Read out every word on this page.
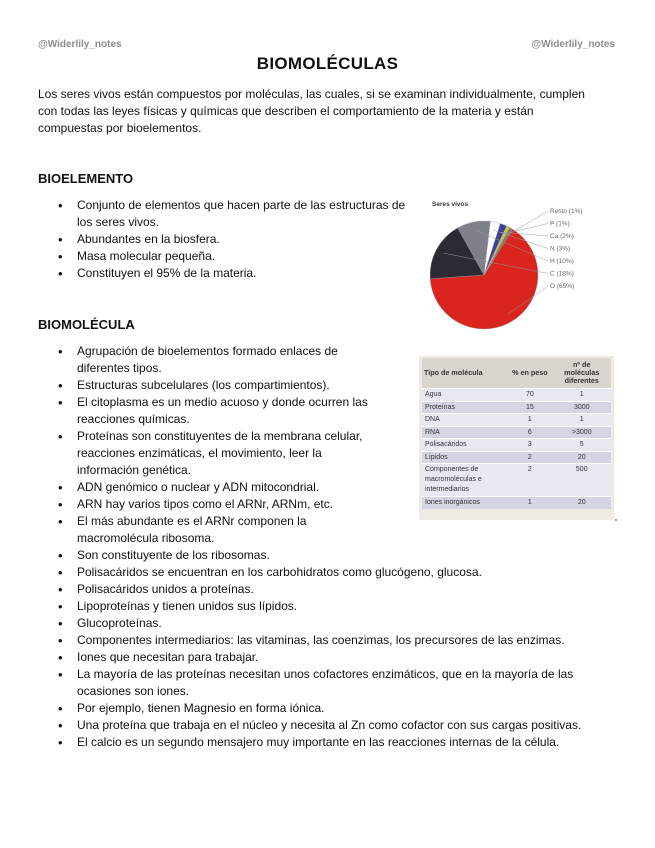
@Widerlily_notes	@Widerlily_notes
BIOMOLÉCULAS

Los seres vivos están compuestos por moléculas, las cuales, si se examinan individualmente, cumplen con todas las leyes físicas y químicas que describen el comportamiento de la materia y están compuestas por bioelementos.

BIOELEMENTO
• Conjunto de elementos que hacen parte de las estructuras de los seres vivos.
• Abundantes en la biosfera.
• Masa molecular pequeña.
• Constituyen el 95% de la materia.
Seres vivos
Resto (1%)
P (1%)
Ca (2%)
N (3%)
H (10%)
C (18%)
O (65%)
BIOMOLÉCULA
Tipo de molécula	% en peso	nº de moléculas diferentes
Agua	70	1
Proteínas	15	3000
DNA	1	1
RNA	6	>3000
Polisacáridos	3	5
Lípidos	2	20
Componentes de macromoléculas e intermediarios	2	500
Iones inorgánicos	1	20
• Agrupación de bioelementos formado enlaces de diferentes tipos.
• Estructuras subcelulares (los compartimientos).
• El citoplasma es un medio acuoso y donde ocurren las reacciones químicas.
• Proteínas son constituyentes de la membrana celular, reacciones enzimáticas, el movimiento, leer la información genética.
• ADN genómico o nuclear y ADN mitocondrial.
• ARN hay varios tipos como el ARNr, ARNm, etc.
• El más abundante es el ARNr componen la macromolécula ribosoma.
• Son constituyente de los ribosomas.
• Polisacáridos se encuentran en los carbohidratos como glucógeno, glucosa.
• Polisacáridos unidos a proteínas.
• Lipoproteínas y tienen unidos sus lípidos.
• Glucoproteínas.
• Componentes intermediarios: las vitaminas, las coenzimas, los precursores de las enzimas.
• Iones que necesitan para trabajar.
• La mayoría de las proteínas necesitan unos cofactores enzimáticos, que en la mayoría de las ocasiones son iones.
• Por ejemplo, tienen Magnesio en forma iónica.
• Una proteína que trabaja en el núcleo y necesita al Zn como cofactor con sus cargas positivas.
• El calcio es un segundo mensajero muy importante en las reacciones internas de la célula.
